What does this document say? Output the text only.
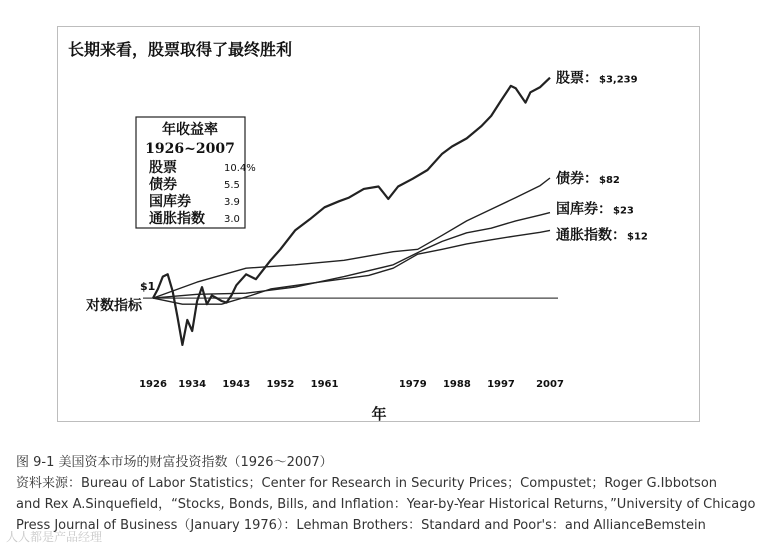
股票： $3,239
债券： $82
国库券： $23
通胀指数： $12
$1
对数指标
1926 1934 1943 1952 1961	1979 1988 1997 2007
年
年收益率
1926~2007
股票	10.4%
债券	5.5
国库券	3.9
通胀指数 3.0
长期来看，股票取得了最终胜利
图 9-1 美国资本市场的财富投资指数（1926～2007）
资料来源：Bureau of Labor Statistics；Center for Research in Security Prices；Compustet；Roger G.Ibbotson
and Rex A.Sinquefield，“Stocks, Bonds, Bills, and Inflation：Year-by-Year Historical Returns，”University of Chicago
Press Journal of Business（January 1976）：Lehman Brothers：Standard and Poor's：and AllianceBemstein
人人都是产品经理
